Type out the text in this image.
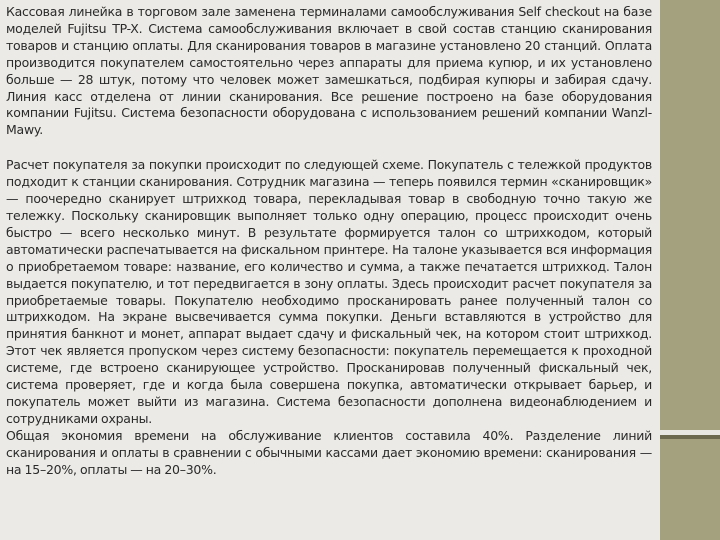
Кассовая линейка в торговом зале заменена терминалами самообслуживания Self checkout на базе моделей Fujitsu TP-X. Система самообслуживания включает в свой состав станцию сканирования товаров и станцию оплаты. Для сканирования товаров в магазине установлено 20 станций. Оплата производится покупателем самостоятельно через аппараты для приема купюр, и их установлено больше — 28 штук, потому что человек может замешкаться, подбирая купюры и забирая сдачу. Линия касс отделена от линии сканирования. Все решение построено на базе оборудования компании Fujitsu. Система безопасности оборудована с использованием решений компании Wanzl-Mawy.

Расчет покупателя за покупки происходит по следующей схеме. Покупатель с тележкой продуктов подходит к станции сканирования. Сотрудник магазина — теперь появился термин «сканировщик» — поочередно сканирует штрихкод товара, перекладывая товар в свободную точно такую же тележку. Поскольку сканировщик выполняет только одну операцию, процесс происходит очень быстро — всего несколько минут. В результате формируется талон со штрихкодом, который автоматически распечатывается на фискальном принтере. На талоне указывается вся информация о приобретаемом товаре: название, его количество и сумма, а также печатается штрихкод. Талон выдается покупателю, и тот передвигается в зону оплаты. Здесь происходит расчет покупателя за приобретаемые товары. Покупателю необходимо просканировать ранее полученный талон со штрихкодом. На экране высвечивается сумма покупки. Деньги вставляются в устройство для принятия банкнот и монет, аппарат выдает сдачу и фискальный чек, на котором стоит штрихкод. Этот чек является пропуском через систему безопасности: покупатель перемещается к проходной системе, где встроено сканирующее устройство. Просканировав полученный фискальный чек, система проверяет, где и когда была совершена покупка, автоматически открывает барьер, и покупатель может выйти из магазина. Система безопасности дополнена видеонаблюдением и сотрудниками охраны.

Общая экономия времени на обслуживание клиентов составила 40%. Разделение линий сканирования и оплаты в сравнении с обычными кассами дает экономию времени: сканирования — на 15–20%, оплаты — на 20–30%.
